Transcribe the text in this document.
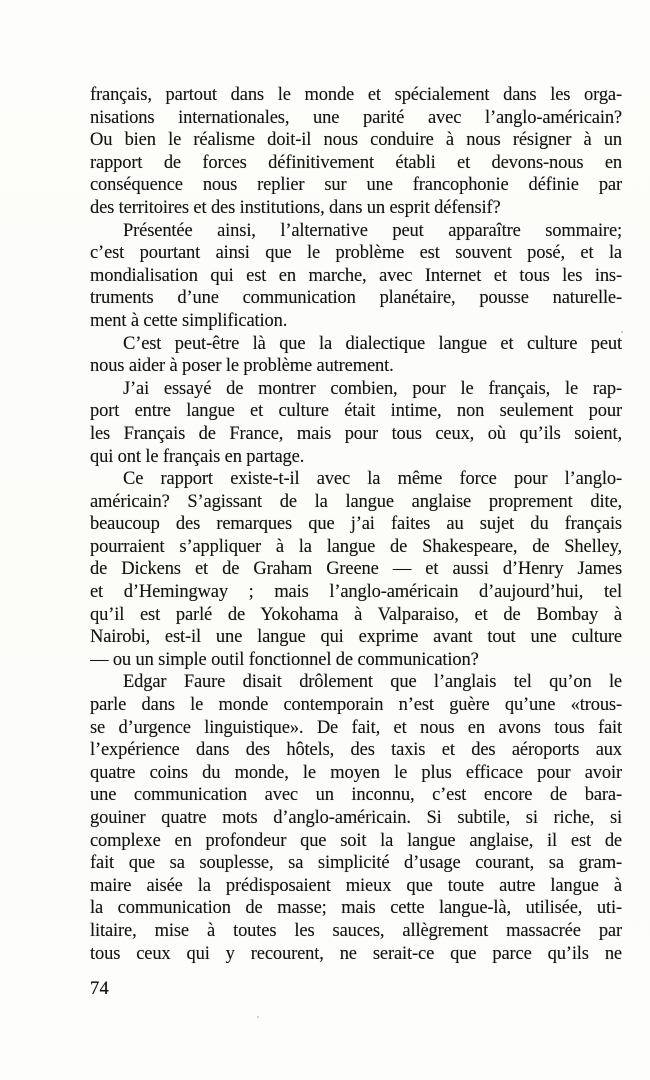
français, partout dans le monde et spécialement dans les orga-
nisations internationales, une parité avec l’anglo-américain?
Ou bien le réalisme doit-il nous conduire à nous résigner à un
rapport de forces définitivement établi et devons-nous en
conséquence nous replier sur une francophonie définie par
des territoires et des institutions, dans un esprit défensif?
Présentée ainsi, l’alternative peut apparaître sommaire;
c’est pourtant ainsi que le problème est souvent posé, et la
mondialisation qui est en marche, avec Internet et tous les ins-
truments d’une communication planétaire, pousse naturelle-
ment à cette simplification.
C’est peut-être là que la dialectique langue et culture peut
nous aider à poser le problème autrement.
J’ai essayé de montrer combien, pour le français, le rap-
port entre langue et culture était intime, non seulement pour
les Français de France, mais pour tous ceux, où qu’ils soient,
qui ont le français en partage.
Ce rapport existe-t-il avec la même force pour l’anglo-
américain? S’agissant de la langue anglaise proprement dite,
beaucoup des remarques que j’ai faites au sujet du français
pourraient s’appliquer à la langue de Shakespeare, de Shelley,
de Dickens et de Graham Greene — et aussi d’Henry James
et d’Hemingway ; mais l’anglo-américain d’aujourd’hui, tel
qu’il est parlé de Yokohama à Valparaiso, et de Bombay à
Nairobi, est-il une langue qui exprime avant tout une culture
— ou un simple outil fonctionnel de communication?
Edgar Faure disait drôlement que l’anglais tel qu’on le
parle dans le monde contemporain n’est guère qu’une «trous-
se d’urgence linguistique». De fait, et nous en avons tous fait
l’expérience dans des hôtels, des taxis et des aéroports aux
quatre coins du monde, le moyen le plus efficace pour avoir
une communication avec un inconnu, c’est encore de bara-
gouiner quatre mots d’anglo-américain. Si subtile, si riche, si
complexe en profondeur que soit la langue anglaise, il est de
fait que sa souplesse, sa simplicité d’usage courant, sa gram-
maire aisée la prédisposaient mieux que toute autre langue à
la communication de masse; mais cette langue-là, utilisée, uti-
litaire, mise à toutes les sauces, allègrement massacrée par
tous ceux qui y recourent, ne serait-ce que parce qu’ils ne
74
